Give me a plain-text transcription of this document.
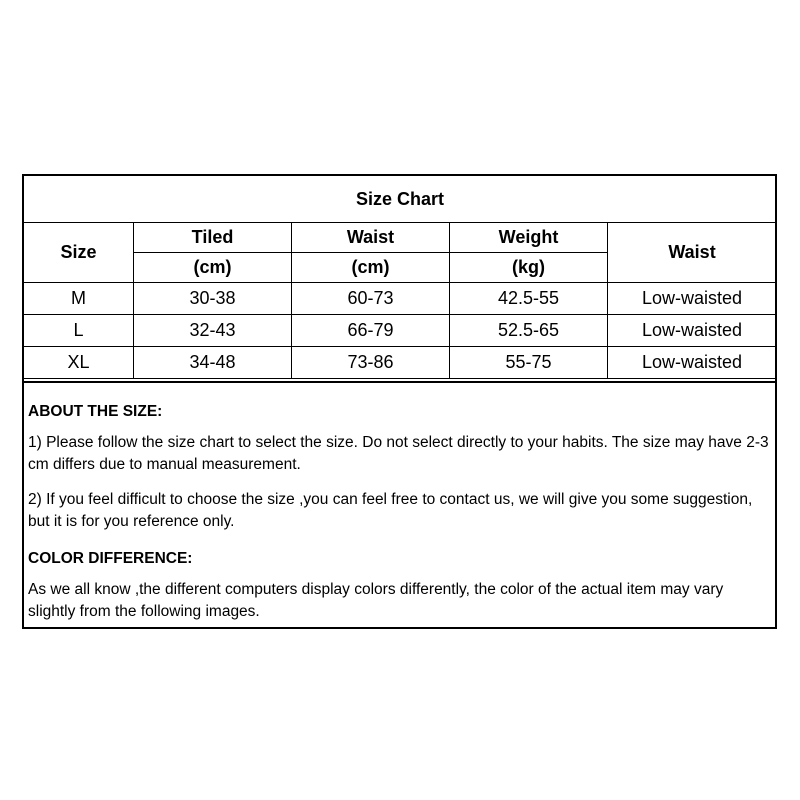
Size Chart				
Size	Tiled	Waist	Weight	Waist
	(cm)	(cm)	(kg)	
M	30-38	60-73	42.5-55	Low-waisted
L	32-43	66-79	52.5-65	Low-waisted
XL	34-48	73-86	55-75	Low-waisted

ABOUT THE SIZE:

1) Please follow the size chart to select the size. Do not select directly to your habits. The size may have 2-3 cm differs due to manual measurement.

2) If you feel difficult to choose the size ,you can feel free to contact us, we will give you some suggestion, but it is for you reference only.

COLOR DIFFERENCE:

As we all know ,the different computers display colors differently, the color of the actual item may vary slightly from the following images.
